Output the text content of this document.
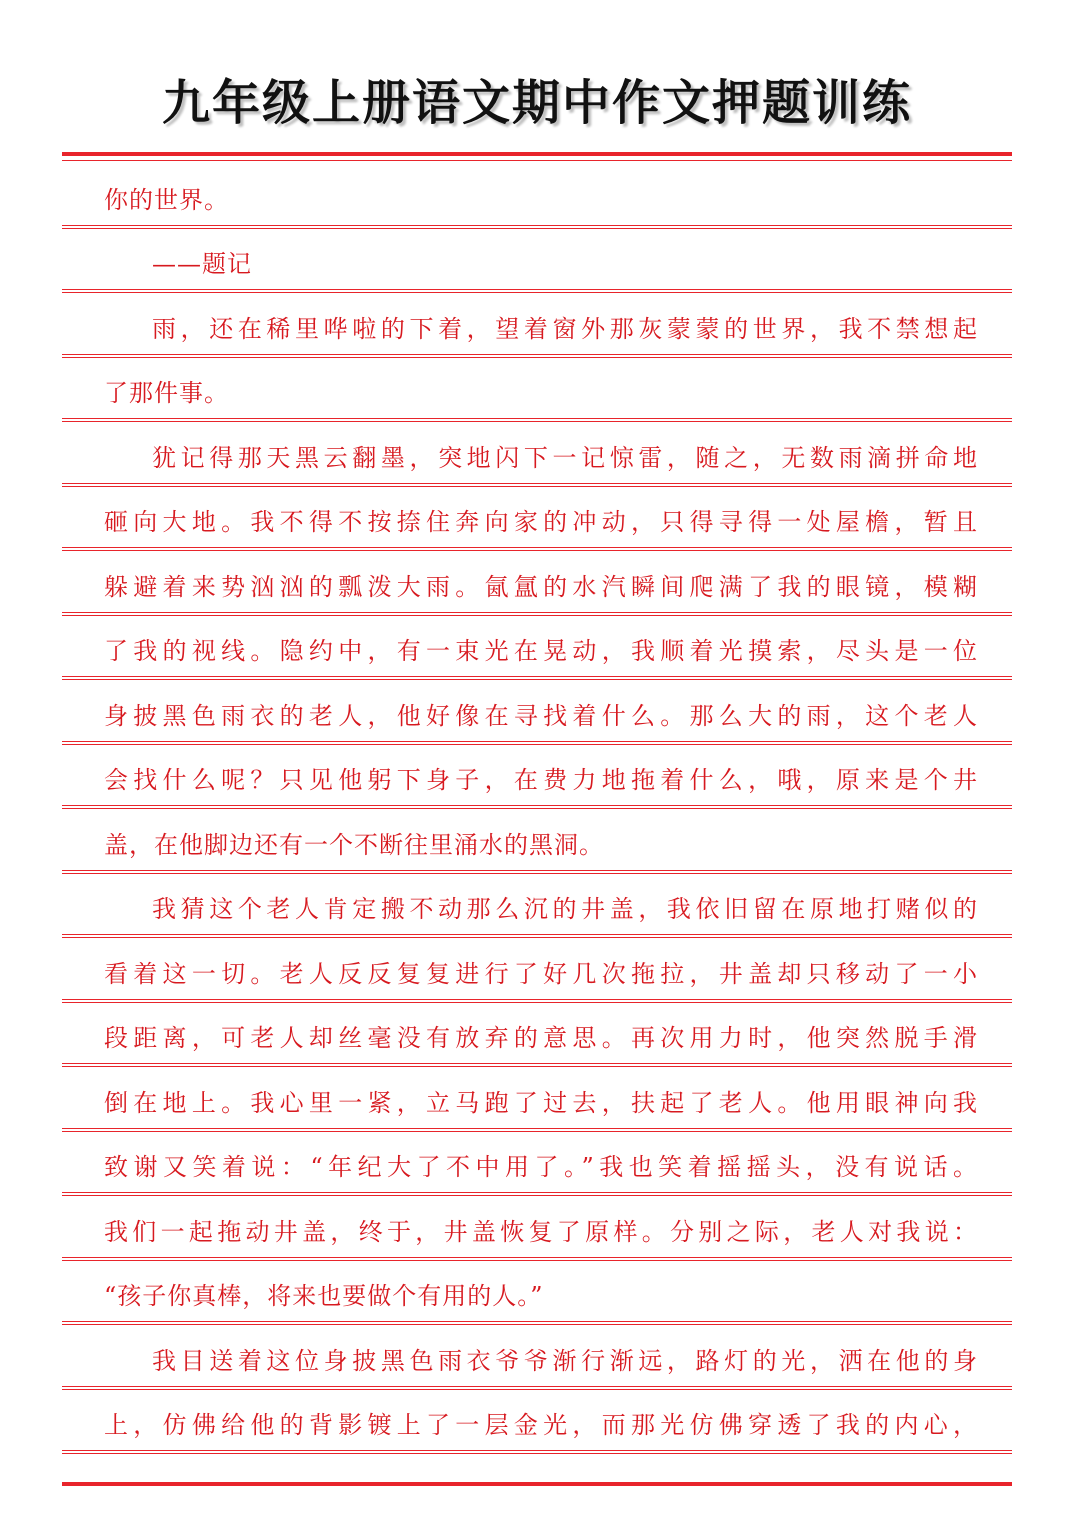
九年级上册语文期中作文押题训练
你的世界。
——题记
雨，还在稀里哗啦的下着，望着窗外那灰蒙蒙的世界，我不禁想起
了那件事。
犹记得那天黑云翻墨，突地闪下一记惊雷，随之，无数雨滴拼命地
砸向大地。我不得不按捺住奔向家的冲动，只得寻得一处屋檐，暂且
躲避着来势汹汹的瓢泼大雨。氤氲的水汽瞬间爬满了我的眼镜，模糊
了我的视线。隐约中，有一束光在晃动，我顺着光摸索，尽头是一位
身披黑色雨衣的老人，他好像在寻找着什么。那么大的雨，这个老人
会找什么呢？只见他躬下身子，在费力地拖着什么，哦，原来是个井
盖，在他脚边还有一个不断往里涌水的黑洞。
我猜这个老人肯定搬不动那么沉的井盖，我依旧留在原地打赌似的
看着这一切。老人反反复复进行了好几次拖拉，井盖却只移动了一小
段距离，可老人却丝毫没有放弃的意思。再次用力时，他突然脱手滑
倒在地上。我心里一紧，立马跑了过去，扶起了老人。他用眼神向我
致谢又笑着说：“年纪大了不中用了。”我也笑着摇摇头，没有说话。
我们一起拖动井盖，终于，井盖恢复了原样。分别之际，老人对我说：
“孩子你真棒，将来也要做个有用的人。”
我目送着这位身披黑色雨衣爷爷渐行渐远，路灯的光，洒在他的身
上，仿佛给他的背影镀上了一层金光，而那光仿佛穿透了我的内心，
